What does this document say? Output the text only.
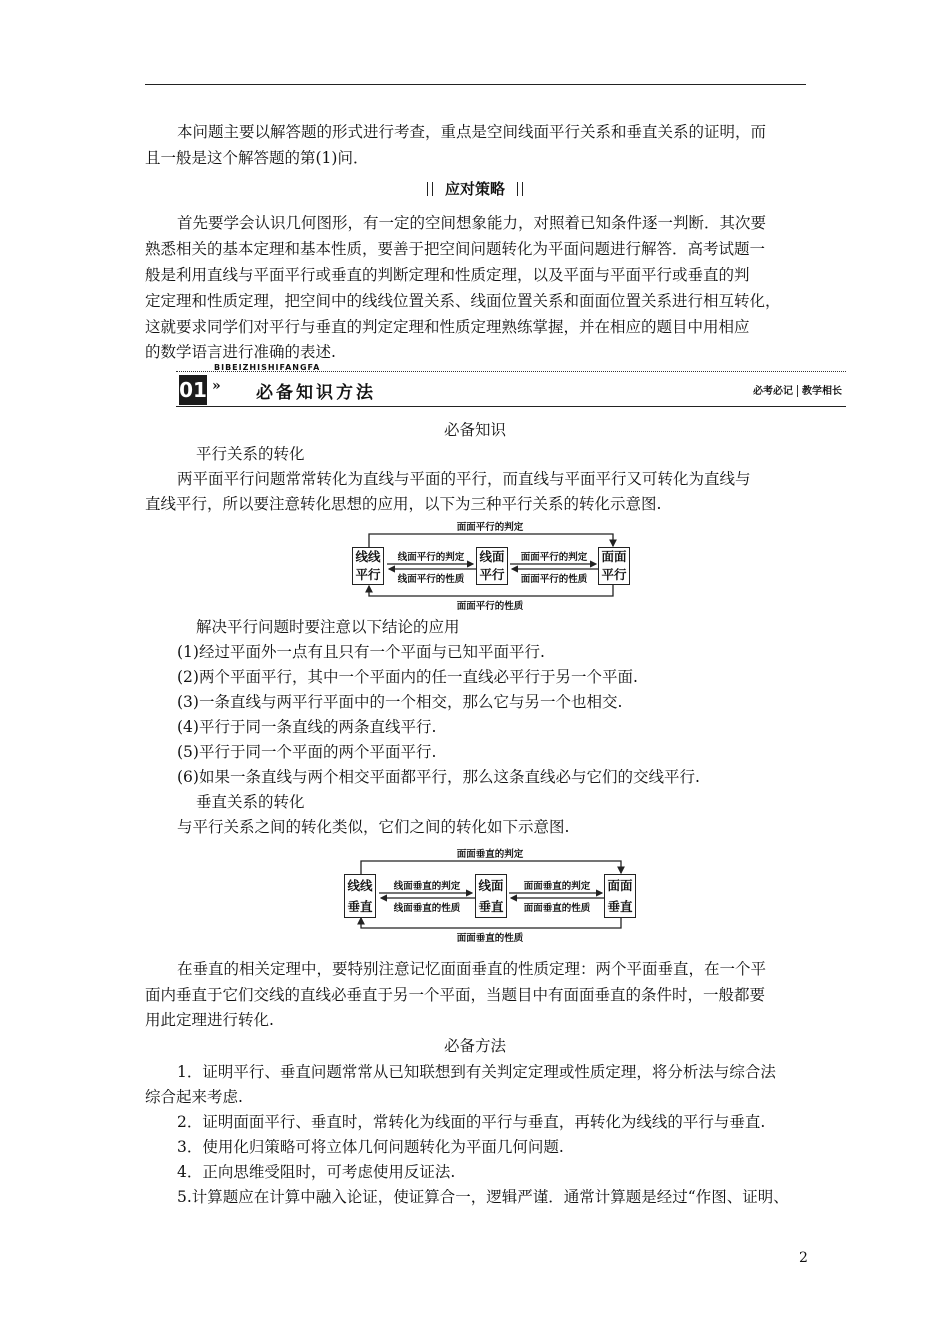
本问题主要以解答题的形式进行考查，重点是空间线面平行关系和垂直关系的证明，而
且一般是这个解答题的第(1)问．
应对策略
首先要学会认识几何图形，有一定的空间想象能力，对照着已知条件逐一判断．其次要
熟悉相关的基本定理和基本性质，要善于把空间问题转化为平面问题进行解答．高考试题一
般是利用直线与平面平行或垂直的判断定理和性质定理，以及平面与平面平行或垂直的判
定定理和性质定理，把空间中的线线位置关系、线面位置关系和面面位置关系进行相互转化，
这就要求同学们对平行与垂直的判定定理和性质定理熟练掌握，并在相应的题目中用相应
的数学语言进行准确的表述.
BIBEIZHISHIFANGFA
01 » 必备知识方法	必考必记 教学相长
必备知识
平行关系的转化
两平面平行问题常常转化为直线与平面的平行，而直线与平面平行又可转化为直线与
直线平行，所以要注意转化思想的应用，以下为三种平行关系的转化示意图.
面面平行的判定
面面平行的性质
线线
平行
线面
平行
面面
平行
线面平行的判定
线面平行的性质
面面平行的判定
面面平行的性质
解决平行问题时要注意以下结论的应用
(1)经过平面外一点有且只有一个平面与已知平面平行.
(2)两个平面平行，其中一个平面内的任一直线必平行于另一个平面.
(3)一条直线与两平行平面中的一个相交，那么它与另一个也相交.
(4)平行于同一条直线的两条直线平行.
(5)平行于同一个平面的两个平面平行.
(6)如果一条直线与两个相交平面都平行，那么这条直线必与它们的交线平行.
垂直关系的转化
与平行关系之间的转化类似，它们之间的转化如下示意图.
面面垂直的判定
面面垂直的性质
线线
垂直
线面
垂直
面面
垂直
线面垂直的判定
线面垂直的性质
面面垂直的判定
面面垂直的性质
在垂直的相关定理中，要特别注意记忆面面垂直的性质定理：两个平面垂直，在一个平
面内垂直于它们交线的直线必垂直于另一个平面，当题目中有面面垂直的条件时，一般都要
用此定理进行转化.
必备方法
1．证明平行、垂直问题常常从已知联想到有关判定定理或性质定理，将分析法与综合法
综合起来考虑.
2．证明面面平行、垂直时，常转化为线面的平行与垂直，再转化为线线的平行与垂直.
3．使用化归策略可将立体几何问题转化为平面几何问题.
4．正向思维受阻时，可考虑使用反证法.
5.计算题应在计算中融入论证，使证算合一，逻辑严谨．通常计算题是经过“作图、证明、
2
